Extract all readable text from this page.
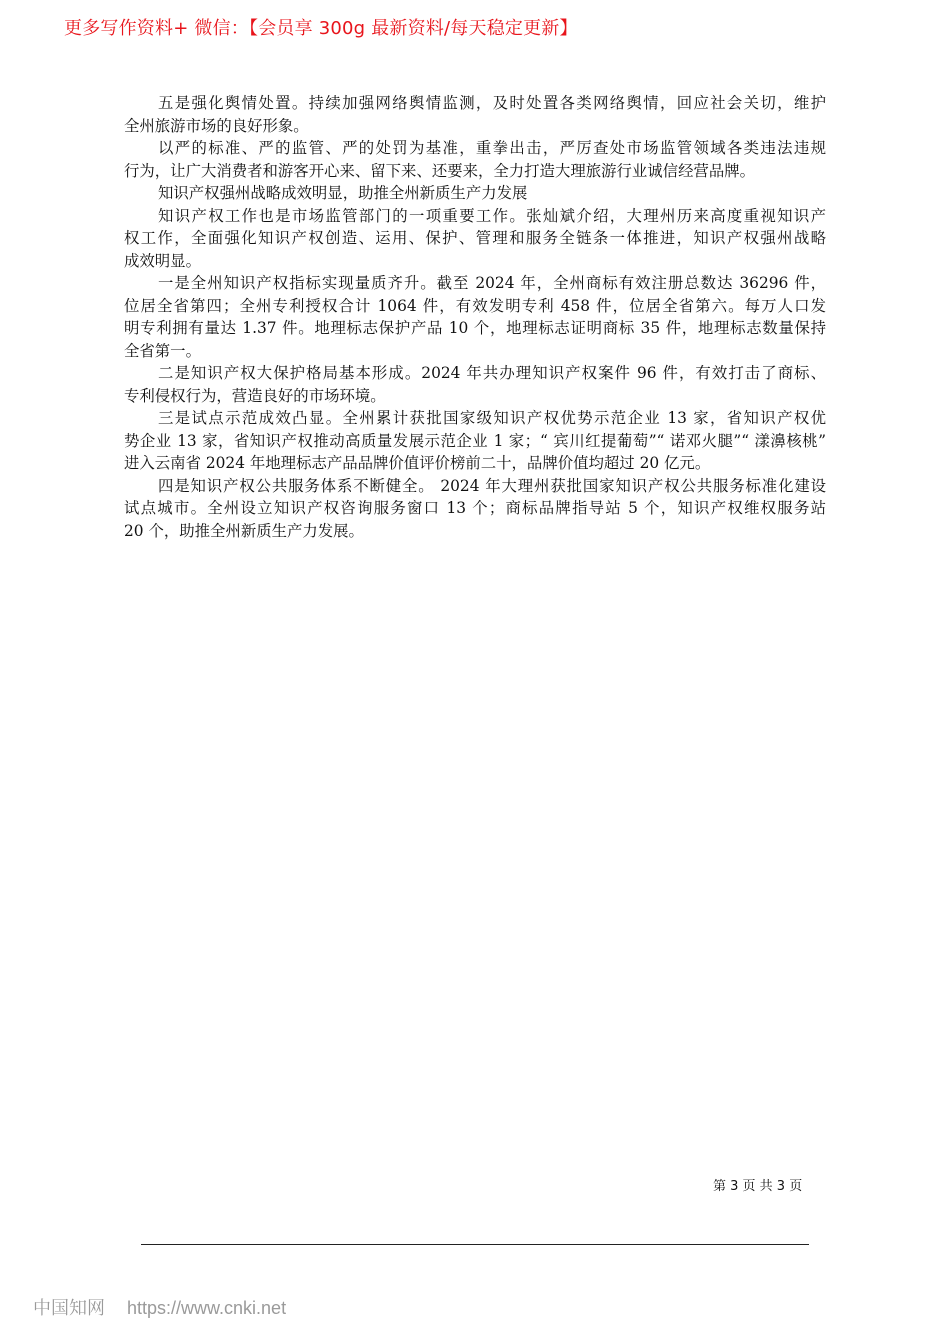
更多写作资料+ 微信：【会员享 300g 最新资料/每天稳定更新】
五是强化舆情处置。持续加强网络舆情监测，及时处置各类网络舆情，回应社会关切，维护
全州旅游市场的良好形象。
以严的标准、严的监管、严的处罚为基准，重拳出击，严厉查处市场监管领域各类违法违规
行为，让广大消费者和游客开心来、留下来、还要来，全力打造大理旅游行业诚信经营品牌。
知识产权强州战略成效明显，助推全州新质生产力发展
知识产权工作也是市场监管部门的一项重要工作。张灿斌介绍，大理州历来高度重视知识产
权工作，全面强化知识产权创造、运用、保护、管理和服务全链条一体推进，知识产权强州战略
成效明显。
一是全州知识产权指标实现量质齐升。截至 2024 年，全州商标有效注册总数达 36296 件，
位居全省第四；全州专利授权合计 1064 件，有效发明专利 458 件，位居全省第六。每万人口发
明专利拥有量达 1.37 件。地理标志保护产品 10 个，地理标志证明商标 35 件，地理标志数量保持
全省第一。
二是知识产权大保护格局基本形成。2024 年共办理知识产权案件 96 件，有效打击了商标、
专利侵权行为，营造良好的市场环境。
三是试点示范成效凸显。全州累计获批国家级知识产权优势示范企业 13 家，省知识产权优
势企业 13 家，省知识产权推动高质量发展示范企业 1 家；“ 宾川红提葡萄”“ 诺邓火腿”“ 漾濞核桃”
进入云南省 2024 年地理标志产品品牌价值评价榜前二十，品牌价值均超过 20 亿元。
四是知识产权公共服务体系不断健全。 2024 年大理州获批国家知识产权公共服务标准化建设
试点城市。全州设立知识产权咨询服务窗口 13 个；商标品牌指导站 5 个，知识产权维权服务站
20 个，助推全州新质生产力发展。
第 3 页 共 3 页
中国知网 https://www.cnki.net
